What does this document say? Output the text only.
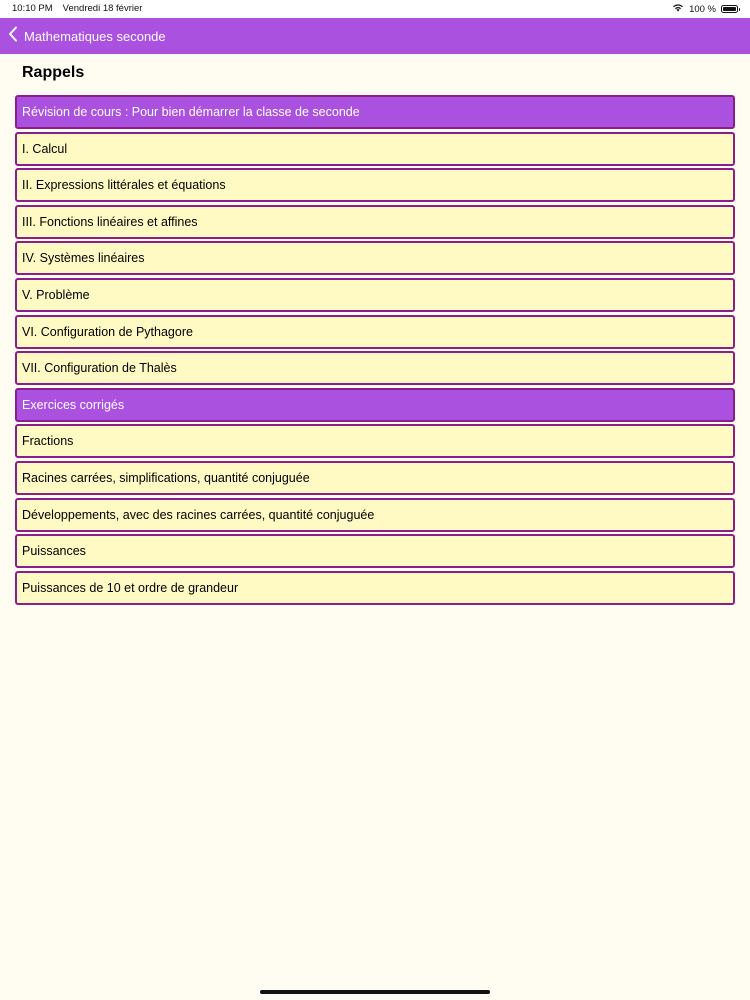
10:10 PM Vendredi 18 février	100 %
Mathematiques seconde
Rappels
Révision de cours : Pour bien démarrer la classe de seconde
I. Calcul
II. Expressions littérales et équations
III. Fonctions linéaires et affines
IV. Systèmes linéaires
V. Problème
VI. Configuration de Pythagore
VII. Configuration de Thalès
Exercices corrigés
Fractions
Racines carrées, simplifications, quantité conjuguée
Développements, avec des racines carrées, quantité conjuguée
Puissances
Puissances de 10 et ordre de grandeur
